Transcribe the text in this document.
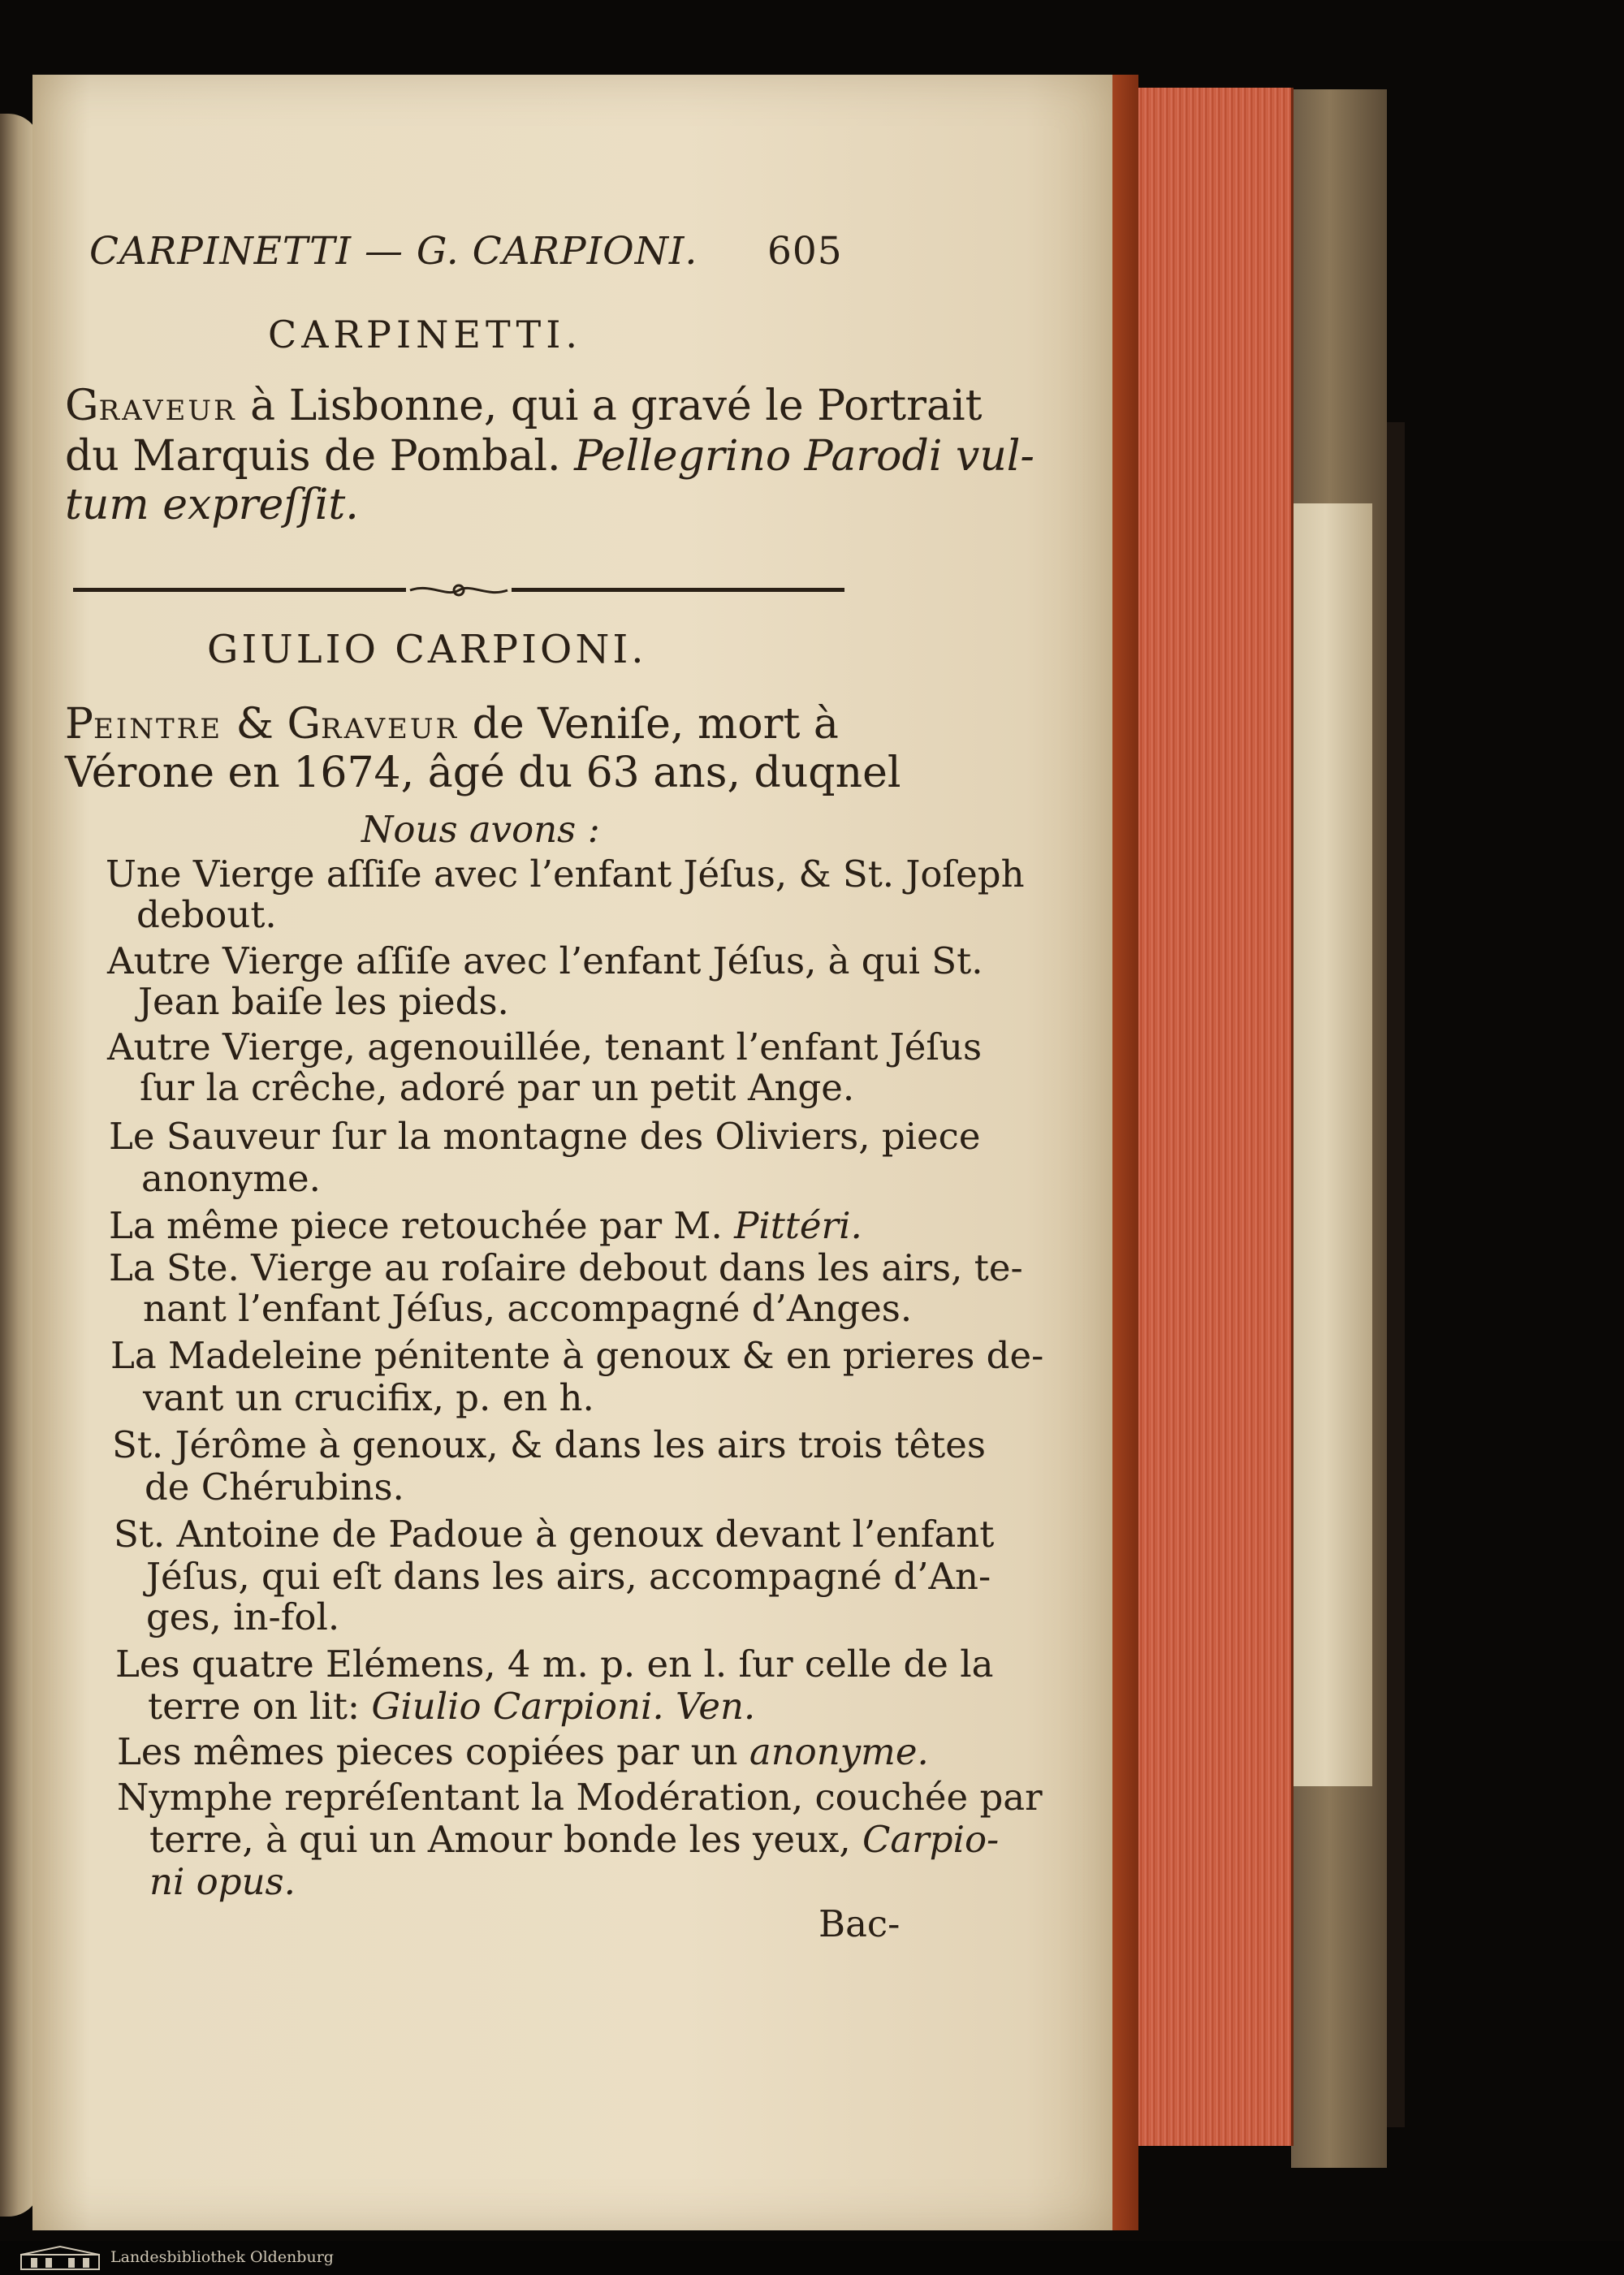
CARPINETTI — G. CARPIONI. 605
CARPINETTI.
GRAVEUR à Lisbonne, qui a gravé le Portrait
du Marquis de Pombal. Pellegrino Parodi vul-
tum expreſſit.
GIULIO CARPIONI.
PEINTRE & GRAVEUR de Veniſe, mort à
Vérone en 1674, âgé du 63 ans, duqnel
Nous avons :
Une Vierge aſſiſe avec l’enfant Jéſus, & St. Joſeph
debout.
Autre Vierge aſſiſe avec l’enfant Jéſus, à qui St.
Jean baiſe les pieds.
Autre Vierge, agenouillée, tenant l’enfant Jéſus
ſur la crêche, adoré par un petit Ange.
Le Sauveur ſur la montagne des Oliviers, piece
anonyme.
La même piece retouchée par M. Pittéri.
La Ste. Vierge au roſaire debout dans les airs, te-
nant l’enfant Jéſus, accompagné d’Anges.
La Madeleine pénitente à genoux & en prieres de-
vant un crucifix, p. en h.
St. Jérôme à genoux, & dans les airs trois têtes
de Chérubins.
St. Antoine de Padoue à genoux devant l’enfant
Jéſus, qui eſt dans les airs, accompagné d’An-
ges, in-fol.
Les quatre Elémens, 4 m. p. en l. ſur celle de la
terre on lit: Giulio Carpioni. Ven.
Les mêmes pieces copiées par un anonyme.
Nymphe repréſentant la Modération, couchée par
terre, à qui un Amour bonde les yeux, Carpio-
ni opus.
Bac-
Landesbibliothek Oldenburg
